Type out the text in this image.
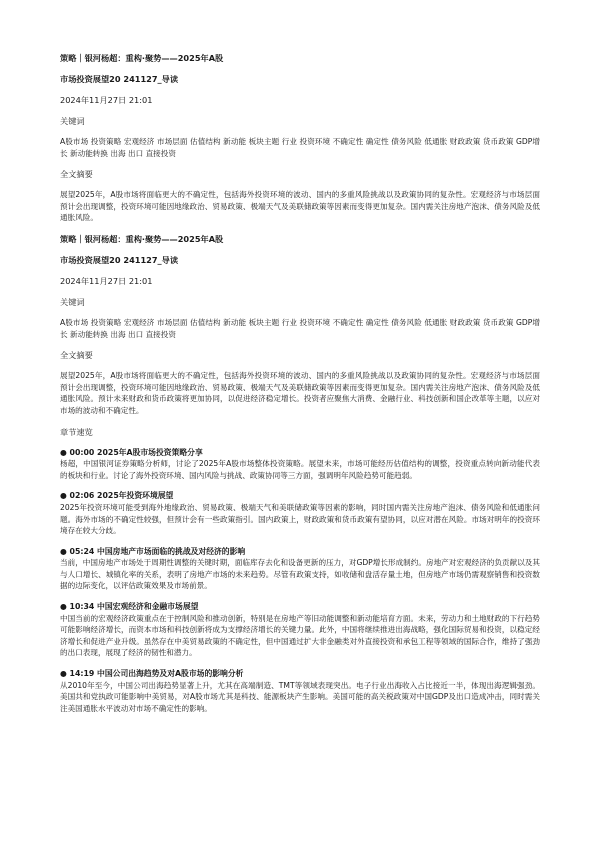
策略｜银河杨超：重构·聚势——2025年A股
市场投资展望20 241127_导读
2024年11月27日 21:01
关键词
A股市场 投资策略 宏观经济 市场层面 估值结构 新动能 板块主题 行业 投资环境 不确定性 确定性 债务风险 低通胀 财政政策 货币政策 GDP增长 新动能转换 出海 出口 直接投资
全文摘要
展望2025年，A股市场将面临更大的不确定性，包括海外投资环境的波动、国内的多重风险挑战以及政策协同的复杂性。宏观经济与市场层面预计会出现调整，投资环境可能因地缘政治、贸易政策、极端天气及美联储政策等因素而变得更加复杂。国内需关注房地产泡沫、债务风险及低通胀风险。
策略｜银河杨超：重构·聚势——2025年A股
市场投资展望20 241127_导读
2024年11月27日 21:01
关键词
A股市场 投资策略 宏观经济 市场层面 估值结构 新动能 板块主题 行业 投资环境 不确定性 确定性 债务风险 低通胀 财政政策 货币政策 GDP增长 新动能转换 出海 出口 直接投资
全文摘要
展望2025年，A股市场将面临更大的不确定性，包括海外投资环境的波动、国内的多重风险挑战以及政策协同的复杂性。宏观经济与市场层面预计会出现调整，投资环境可能因地缘政治、贸易政策、极端天气及美联储政策等因素而变得更加复杂。国内需关注房地产泡沫、债务风险及低通胀风险。预计未来财政和货币政策将更加协同，以促进经济稳定增长。投资者应聚焦大消费、金融行业、科技创新和国企改革等主题，以应对市场的波动和不确定性。
章节速览
● 00:00 2025年A股市场投资策略分享
杨超，中国银河证券策略分析师，讨论了2025年A股市场整体投资策略。展望未来，市场可能经历估值结构的调整，投资重点转向新动能代表的板块和行业。讨论了海外投资环境、国内风险与挑战、政策协同等三方面，强调明年风险趋势可能趋弱。
● 02:06 2025年投资环境展望
2025年投资环境可能受到海外地缘政治、贸易政策、极端天气和美联储政策等因素的影响，同时国内需关注房地产泡沫、债务风险和低通胀问题。海外市场的不确定性较强，但预计会有一些政策指引。国内政策上，财政政策和货币政策有望协同，以应对潜在风险。市场对明年的投资环境存在较大分歧。
● 05:24 中国房地产市场面临的挑战及对经济的影响
当前，中国房地产市场处于周期性调整的关键时期，面临库存去化和设备更新的压力，对GDP增长形成制约。房地产对宏观经济的负贡献以及其与人口增长、城镇化率的关系，表明了房地产市场的未来趋势。尽管有政策支持，如收储和盘活存量土地，但房地产市场仍需观察销售和投资数据的边际变化，以评估政策效果及市场前景。
● 10:34 中国宏观经济和金融市场展望
中国当前的宏观经济政策重点在于控制风险和推动创新，特别是在房地产等旧动能调整和新动能培育方面。未来，劳动力和土地财政的下行趋势可能影响经济增长，而资本市场和科技创新将成为支撑经济增长的关键力量。此外，中国将继续推进出海战略，强化国际贸易和投资，以稳定经济增长和促进产业升级。虽然存在中美贸易政策的不确定性，但中国通过扩大非金融类对外直接投资和承包工程等领域的国际合作，维持了强劲的出口表现，展现了经济的韧性和潜力。
● 14:19 中国公司出海趋势及对A股市场的影响分析
从2010年至今，中国公司出海趋势显著上升，尤其在高端制造、TMT等领域表现突出。电子行业出海收入占比接近一半，体现出海逻辑强劲。美国共和党执政可能影响中美贸易，对A股市场尤其是科技、能源板块产生影响。美国可能的高关税政策对中国GDP及出口造成冲击，同时需关注美国通胀水平波动对市场不确定性的影响。
